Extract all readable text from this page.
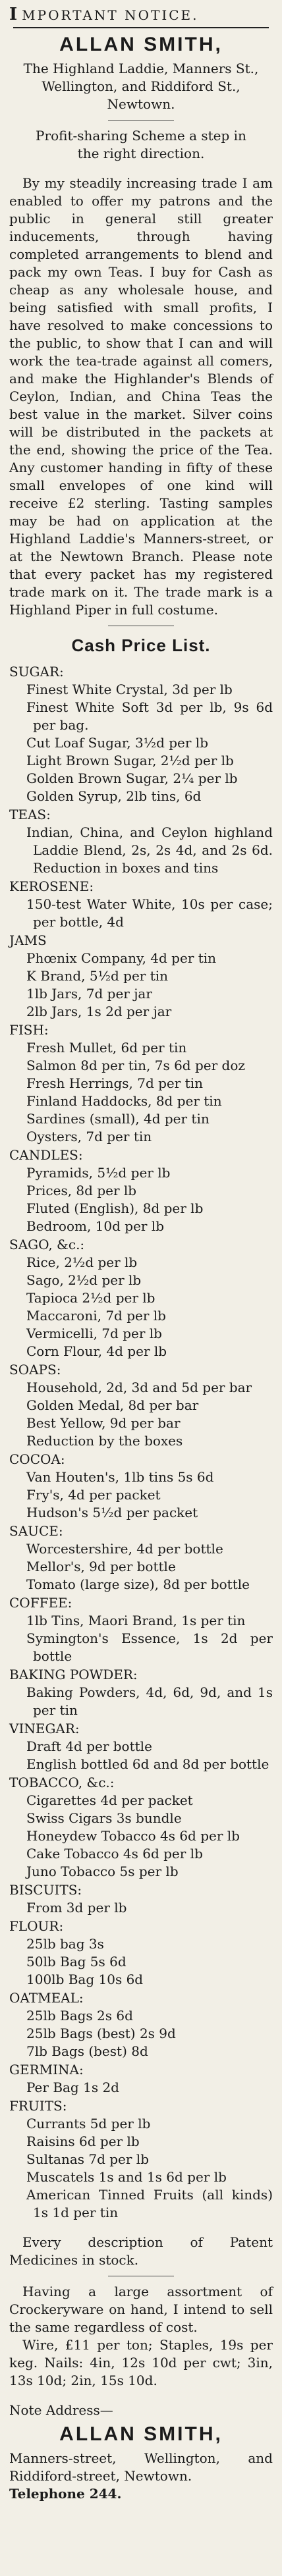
I MPORTANT NOTICE.
ALLAN SMITH,
The Highland Laddie, Manners St.,
Wellington, and Riddiford St.,
Newtown.
Profit-sharing Scheme a step in
the right direction.
By my steadily increasing trade I am enabled to offer my patrons and the public in general still greater inducements, through having completed arrangements to blend and pack my own Teas. I buy for Cash as cheap as any wholesale house, and being satisfied with small profits, I have resolved to make concessions to the public, to show that I can and will work the tea-trade against all comers, and make the Highlander's Blends of Ceylon, Indian, and China Teas the best value in the market. Silver coins will be distributed in the packets at the end, showing the price of the Tea. Any customer handing in fifty of these small envelopes of one kind will receive £2 sterling. Tasting samples may be had on application at the Highland Laddie's Manners-street, or at the Newtown Branch. Please note that every packet has my registered trade mark on it. The trade mark is a Highland Piper in full costume.
Cash Price List.
SUGAR:
Finest White Crystal, 3d per lb
Finest White Soft 3d per lb, 9s 6d per bag.
Cut Loaf Sugar, 3½d per lb
Light Brown Sugar, 2½d per lb
Golden Brown Sugar, 2¼ per lb
Golden Syrup, 2lb tins, 6d
TEAS:
Indian, China, and Ceylon highland Laddie Blend, 2s, 2s 4d, and 2s 6d. Reduction in boxes and tins
KEROSENE:
150-test Water White, 10s per case; per bottle, 4d
JAMS
Phœnix Company, 4d per tin
K Brand, 5½d per tin
1lb Jars, 7d per jar
2lb Jars, 1s 2d per jar
FISH:
Fresh Mullet, 6d per tin
Salmon 8d per tin, 7s 6d per doz
Fresh Herrings, 7d per tin
Finland Haddocks, 8d per tin
Sardines (small), 4d per tin
Oysters, 7d per tin
CANDLES:
Pyramids, 5½d per lb
Prices, 8d per lb
Fluted (English), 8d per lb
Bedroom, 10d per lb
SAGO, &c.:
Rice, 2½d per lb
Sago, 2½d per lb
Tapioca 2½d per lb
Maccaroni, 7d per lb
Vermicelli, 7d per lb
Corn Flour, 4d per lb
SOAPS:
Household, 2d, 3d and 5d per bar
Golden Medal, 8d per bar
Best Yellow, 9d per bar
Reduction by the boxes
COCOA:
Van Houten's, 1lb tins 5s 6d
Fry's, 4d per packet
Hudson's 5½d per packet
SAUCE:
Worcestershire, 4d per bottle
Mellor's, 9d per bottle
Tomato (large size), 8d per bottle
COFFEE:
1lb Tins, Maori Brand, 1s per tin
Symington's Essence, 1s 2d per bottle
BAKING POWDER:
Baking Powders, 4d, 6d, 9d, and 1s per tin
VINEGAR:
Draft 4d per bottle
English bottled 6d and 8d per bottle
TOBACCO, &c.:
Cigarettes 4d per packet
Swiss Cigars 3s bundle
Honeydew Tobacco 4s 6d per lb
Cake Tobacco 4s 6d per lb
Juno Tobacco 5s per lb
BISCUITS:
From 3d per lb
FLOUR:
25lb bag 3s
50lb Bag 5s 6d
100lb Bag 10s 6d
OATMEAL:
25lb Bags 2s 6d
25lb Bags (best) 2s 9d
7lb Bags (best) 8d
GERMINA:
Per Bag 1s 2d
FRUITS:
Currants 5d per lb
Raisins 6d per lb
Sultanas 7d per lb
Muscatels 1s and 1s 6d per lb
American Tinned Fruits (all kinds) 1s 1d per tin
Every description of Patent Medicines in stock.
Having a large assortment of Crockeryware on hand, I intend to sell the same regardless of cost.
Wire, £11 per ton; Staples, 19s per keg. Nails: 4in, 12s 10d per cwt; 3in, 13s 10d; 2in, 15s 10d.
Note Address—
ALLAN SMITH,
Manners-street, Wellington, and Riddiford-street, Newtown.
Telephone 244.
